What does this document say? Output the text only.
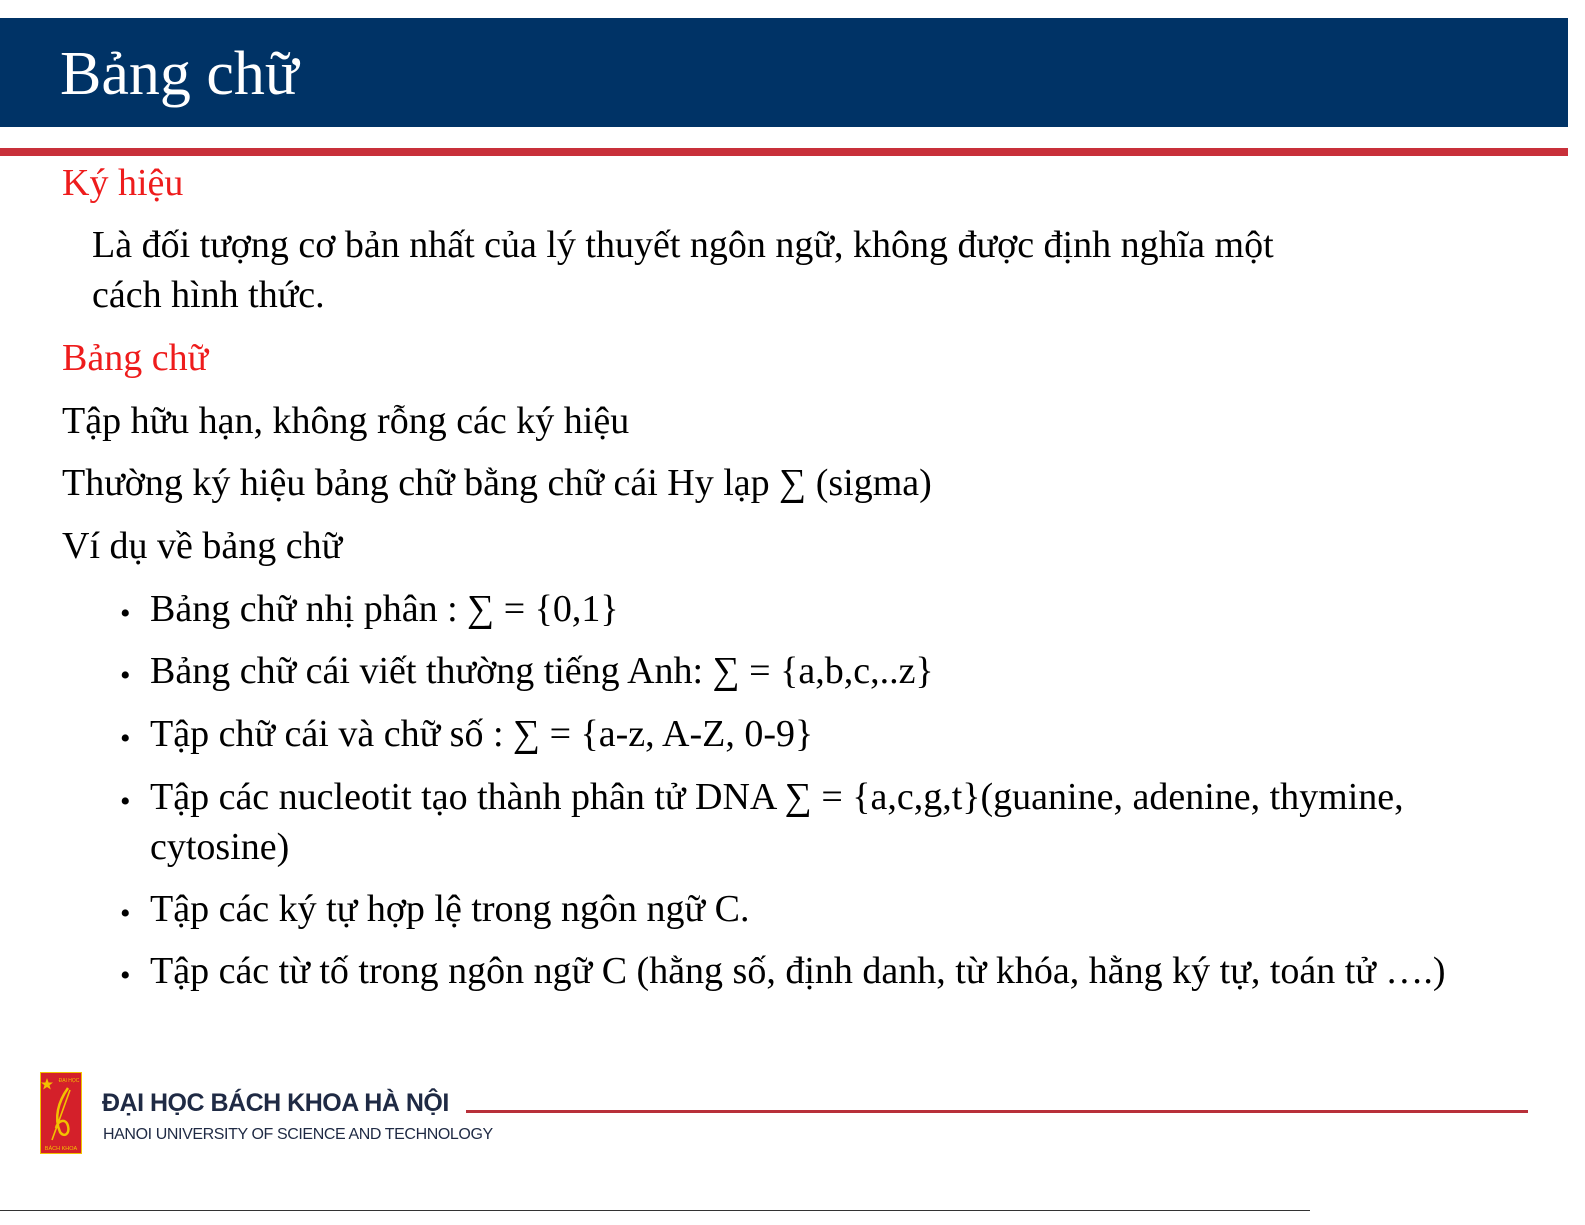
Bảng chữ
Ký hiệu
Là đối tượng cơ bản nhất của lý thuyết ngôn ngữ, không được định nghĩa một
cách hình thức.
Bảng chữ
Tập hữu hạn, không rỗng các ký hiệu
Thường ký hiệu bảng chữ bằng chữ cái Hy lạp ∑ (sigma)
Ví dụ về bảng chữ
• Bảng chữ nhị phân : ∑ = {0,1}
• Bảng chữ cái viết thường tiếng Anh: ∑ = {a,b,c,..z}
• Tập chữ cái và chữ số : ∑ = {a-z, A-Z, 0-9}
• Tập các nucleotit tạo thành phân tử DNA ∑ = {a,c,g,t}(guanine, adenine, thymine, cytosine)
• Tập các ký tự hợp lệ trong ngôn ngữ C.
• Tập các từ tố trong ngôn ngữ C (hằng số, định danh, từ khóa, hằng ký tự, toán tử ….)
ĐẠI HỌC
BÁCH KHOA
ĐẠI HỌC BÁCH KHOA HÀ NỘI
HANOI UNIVERSITY OF SCIENCE AND TECHNOLOGY
